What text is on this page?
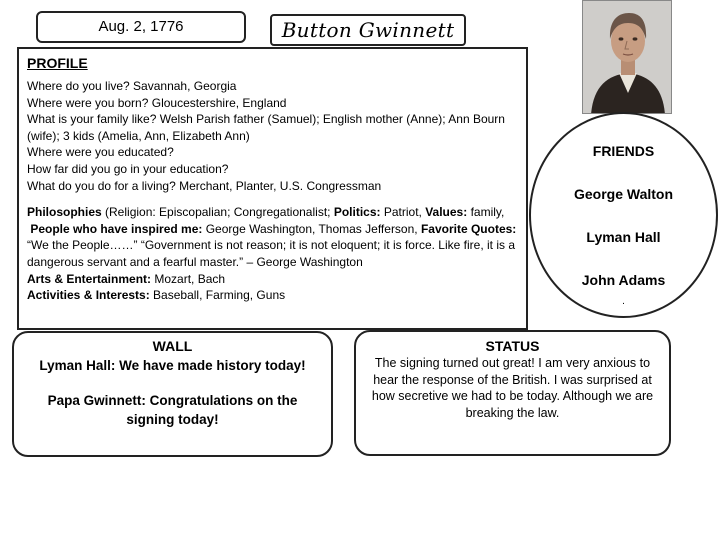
Aug. 2, 1776	Button Gwinnett
PROFILE

Where do you live? Savannah, Georgia

Where were you born? Gloucestershire, England

What is your family like? Welsh Parish father (Samuel); English mother (Anne); Ann Bourn (wife); 3 kids (Amelia, Ann, Elizabeth Ann)

Where were you educated?

How far did you go in your education?

What do you do for a living? Merchant, Planter, U.S. Congressman

Philosophies (Religion: Episcopalian; Congregationalist; Politics: Patriot, Values: family,

People who have inspired me: George Washington, Thomas Jefferson, Favorite Quotes: “We the People……” “Government is not reason; it is not eloquent; it is force. Like fire, it is a dangerous servant and a fearful master.” – George Washington

Arts & Entertainment: Mozart, Bach

Activities & Interests: Baseball, Farming, Guns

FRIENDS
George Walton
Lyman Hall
John Adams
.
WALL

Lyman Hall: We have made history today!

Papa Gwinnett: Congratulations on the signing today!

STATUS
The signing turned out great! I am very anxious to hear the response of the British. I was surprised at how secretive we had to be today. Although we are breaking the law.
